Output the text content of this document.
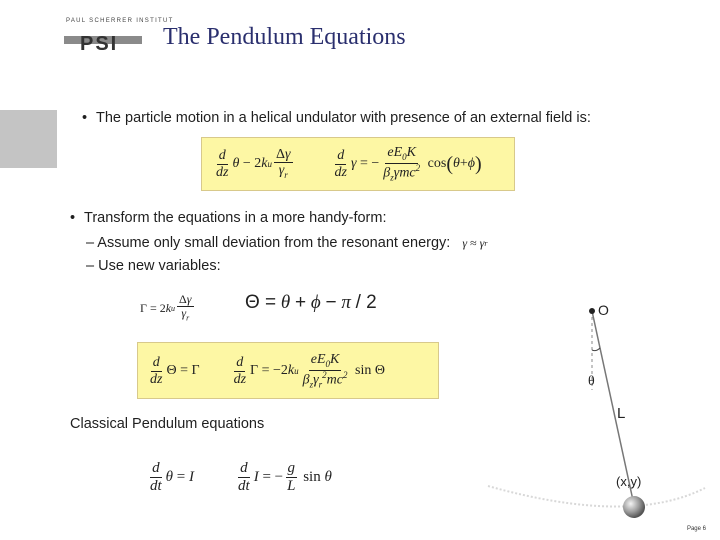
PAUL SCHERRER INSTITUT
PSI The Pendulum Equations
• The particle motion in a helical undulator with presence of an external field is:
$\frac{d}{dz}$ θ − 2 k u $\frac{\Delta\gamma}{\gamma_r}$	$\frac{d}{dz}$ γ = − $\frac{eE_0K}{\beta_z\gamma mc^2}$ cos ( θ + ϕ )
• Transform the equations in a more handy-form:
– Assume only small deviation from the resonant energy: γ ≈ γ r
– Use new variables:
Γ = 2 k u $\frac{\Delta\gamma}{\gamma_r}$	Θ = θ + ϕ − π / 2
$\frac{d}{dz}$ Θ = Γ $\frac{d}{dz}$ Γ = −2 k u $\frac{eE_0K}{\beta_z\gamma_r^2mc^2}$ sin Θ
Classical Pendulum equations
$\frac{d}{dt}$ θ = I	$\frac{d}{dt}$ I = − $\frac{g}{L}$ sin θ
O
θ
L
(x,y)
Page 6
